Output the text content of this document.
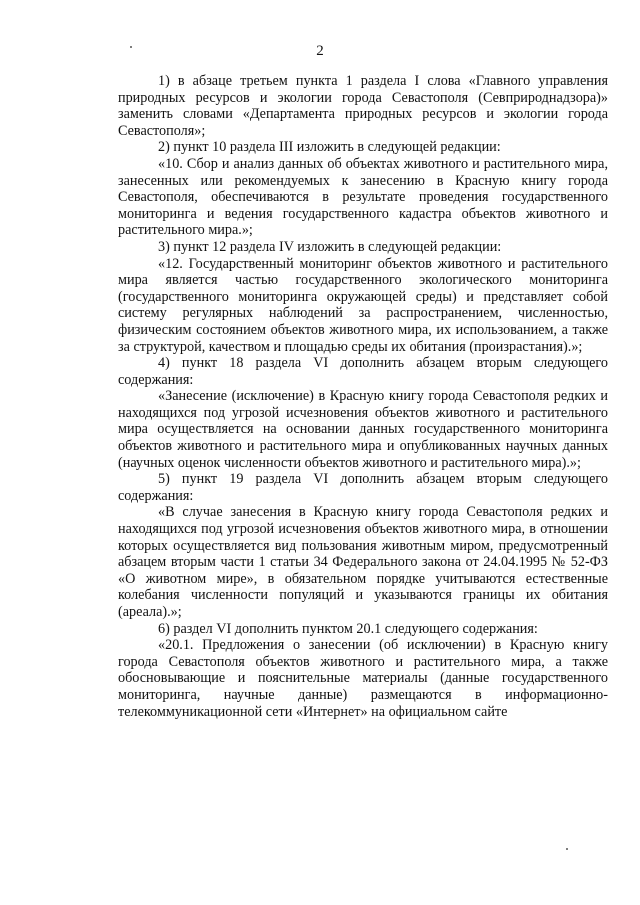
2

1) в абзаце третьем пункта 1 раздела I слова «Главного управления природных ресурсов и экологии города Севастополя (Севприроднадзора)» заменить словами «Департамента природных ресурсов и экологии города Севастополя»;

2) пункт 10 раздела III изложить в следующей редакции:

«10. Сбор и анализ данных об объектах животного и растительного мира, занесенных или рекомендуемых к занесению в Красную книгу города Севастополя, обеспечиваются в результате проведения государственного мониторинга и ведения государственного кадастра объектов животного и растительного мира.»;

3) пункт 12 раздела IV изложить в следующей редакции:

«12. Государственный мониторинг объектов животного и растительного мира является частью государственного экологического мониторинга (государственного мониторинга окружающей среды) и представляет собой систему регулярных наблюдений за распространением, численностью, физическим состоянием объектов животного мира, их использованием, а также за структурой, качеством и площадью среды их обитания (произрастания).»;

4) пункт 18 раздела VI дополнить абзацем вторым следующего содержания:

«Занесение (исключение) в Красную книгу города Севастополя редких и находящихся под угрозой исчезновения объектов животного и растительного мира осуществляется на основании данных государственного мониторинга объектов животного и растительного мира и опубликованных научных данных (научных оценок численности объектов животного и растительного мира).»;

5) пункт 19 раздела VI дополнить абзацем вторым следующего содержания:

«В случае занесения в Красную книгу города Севастополя редких и находящихся под угрозой исчезновения объектов животного мира, в отношении которых осуществляется вид пользования животным миром, предусмотренный абзацем вторым части 1 статьи 34 Федерального закона от 24.04.1995 № 52-ФЗ «О животном мире», в обязательном порядке учитываются естественные колебания численности популяций и указываются границы их обитания (ареала).»;

6) раздел VI дополнить пунктом 20.1 следующего содержания:

«20.1. Предложения о занесении (об исключении) в Красную книгу города Севастополя объектов животного и растительного мира, а также обосновывающие и пояснительные материалы (данные государственного мониторинга, научные данные) размещаются в информационно-телекоммуникационной сети «Интернет» на официальном сайте
